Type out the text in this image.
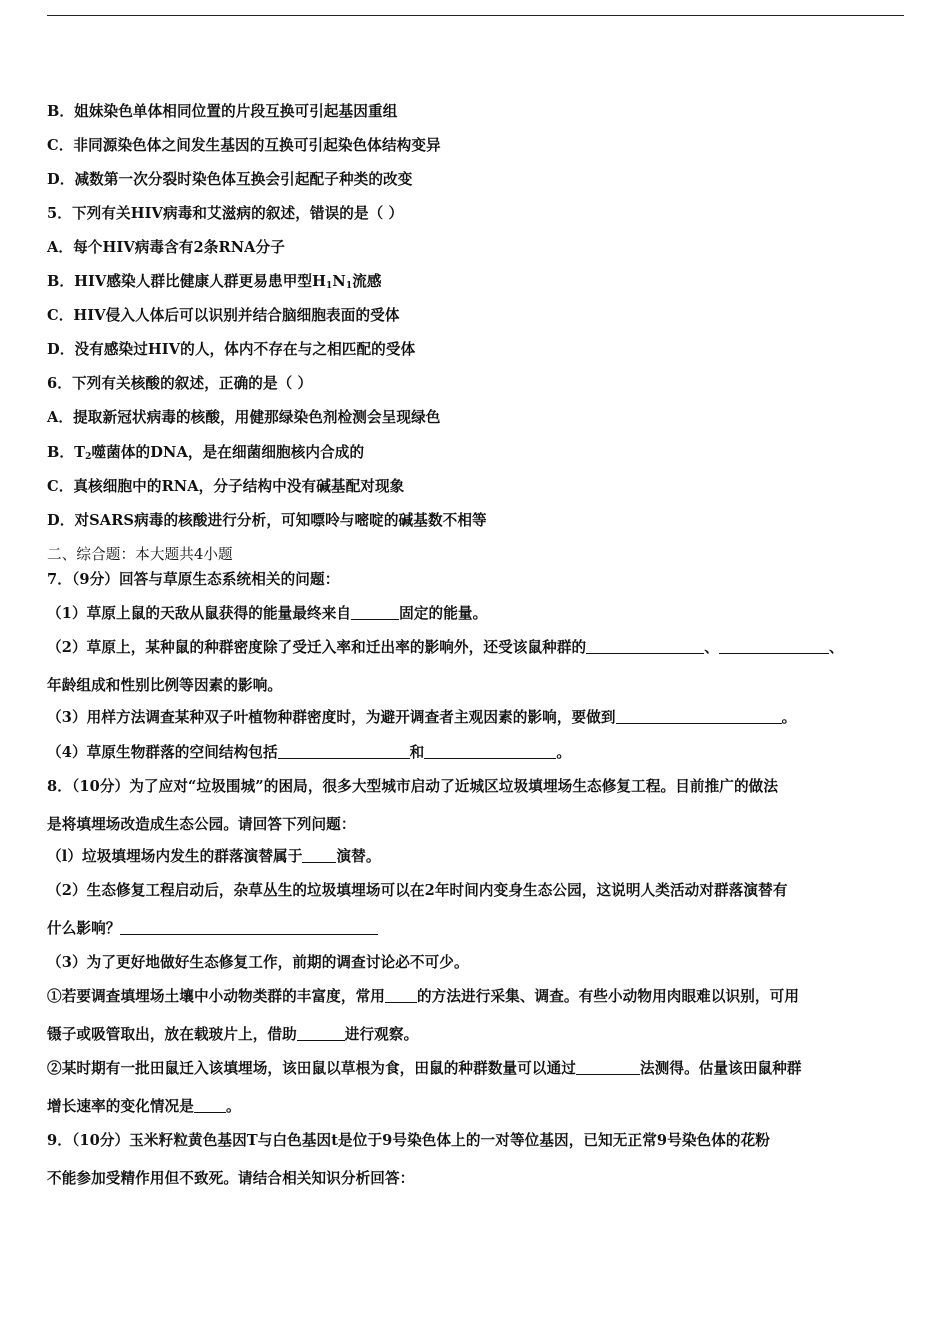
B．姐妹染色单体相同位置的片段互换可引起基因重组
C．非同源染色体之间发生基因的互换可引起染色体结构变异
D．减数第一次分裂时染色体互换会引起配子种类的改变
5．下列有关HIV病毒和艾滋病的叙述，错误的是（ ）
A．每个HIV病毒含有2条RNA分子
B．HIV感染人群比健康人群更易患甲型$H_1N_1$流感
C．HIV侵入人体后可以识别并结合脑细胞表面的受体
D．没有感染过HIV的人，体内不存在与之相匹配的受体
6．下列有关核酸的叙述，正确的是（ ）
A．提取新冠状病毒的核酸，用健那绿染色剂检测会呈现绿色
B．$T_2$噬菌体的DNA，是在细菌细胞核内合成的
C．真核细胞中的RNA，分子结构中没有碱基配对现象
D．对SARS病毒的核酸进行分析，可知嘌呤与嘧啶的碱基数不相等
二、综合题：本大题共4小题
7．（9分）回答与草原生态系统相关的问题：
（1）草原上鼠的天敌从鼠获得的能量最终来自	固定的能量。
（2）草原上，某种鼠的种群密度除了受迁入率和迁出率的影响外，还受该鼠种群的	、	、
年龄组成和性别比例等因素的影响。
（3）用样方法调查某种双子叶植物种群密度时，为避开调查者主观因素的影响，要做到	。
（4）草原生物群落的空间结构包括	和	。
8．（10分）为了应对“垃圾围城”的困局，很多大型城市启动了近城区垃圾填埋场生态修复工程。目前推广的做法
是将填埋场改造成生态公园。请回答下列问题：
（l）垃圾填埋场内发生的群落演替属于 演替。
（2）生态修复工程启动后，杂草丛生的垃圾填埋场可以在2年时间内变身生态公园，这说明人类活动对群落演替有
什么影响？
（3）为了更好地做好生态修复工作，前期的调查讨论必不可少。
①若要调查填埋场土壤中小动物类群的丰富度，常用 的方法进行采集、调查。有些小动物用肉眼难以识别，可用
镊子或吸管取出，放在载玻片上，借助	进行观察。
②某时期有一批田鼠迁入该填埋场，该田鼠以草根为食，田鼠的种群数量可以通过	法测得。估量该田鼠种群
增长速率的变化情况是 。
9．（10分）玉米籽粒黄色基因T与白色基因t是位于9号染色体上的一对等位基因，已知无正常9号染色体的花粉
不能参加受精作用但不致死。请结合相关知识分析回答：
